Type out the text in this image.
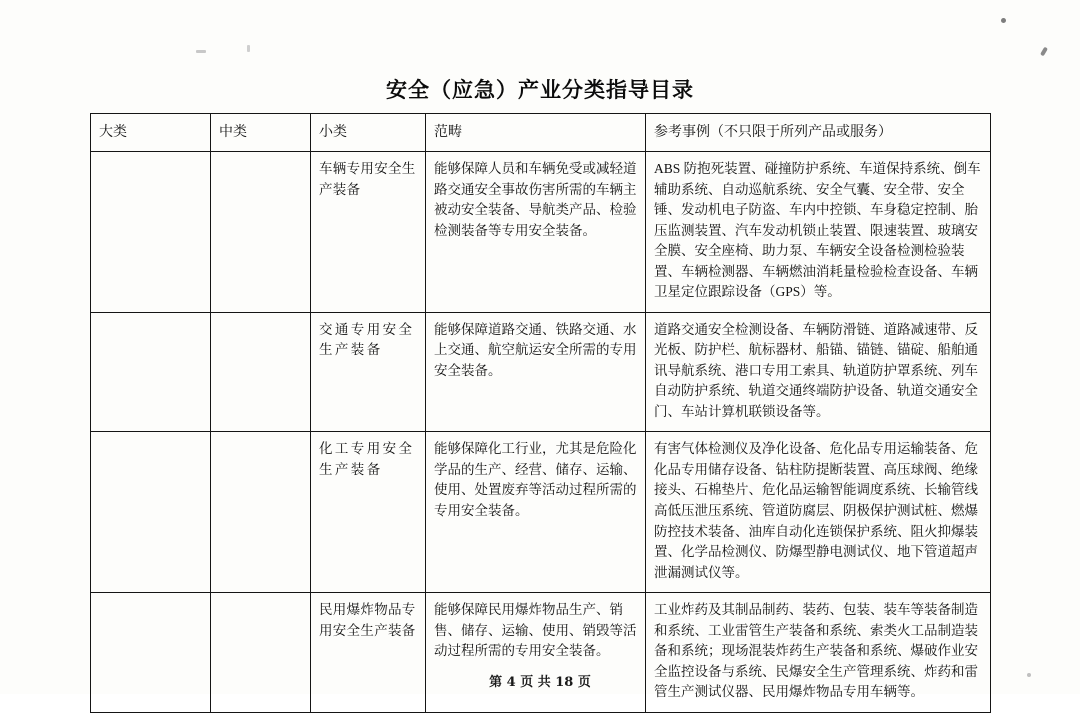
安全（应急）产业分类指导目录
大类	中类	小类	范畴	参考事例（不只限于所列产品或服务）
		车辆专用安全生产装备	能够保障人员和车辆免受或减轻道路交通安全事故伤害所需的车辆主被动安全装备、导航类产品、检验检测装备等专用安全装备。	ABS 防抱死装置、碰撞防护系统、车道保持系统、倒车辅助系统、自动巡航系统、安全气囊、安全带、安全锤、发动机电子防盗、车内中控锁、车身稳定控制、胎压监测装置、汽车发动机锁止装置、限速装置、玻璃安全膜、安全座椅、助力泵、车辆安全设备检测检验装置、车辆检测器、车辆燃油消耗量检验检查设备、车辆卫星定位跟踪设备（GPS）等。
		交通专用安全生产装备	能够保障道路交通、铁路交通、水上交通、航空航运安全所需的专用安全装备。	道路交通安全检测设备、车辆防滑链、道路减速带、反光板、防护栏、航标器材、船锚、锚链、锚碇、船舶通讯导航系统、港口专用工索具、轨道防护罩系统、列车自动防护系统、轨道交通终端防护设备、轨道交通安全门、车站计算机联锁设备等。
		化工专用安全生产装备	能够保障化工行业，尤其是危险化学品的生产、经营、储存、运输、使用、处置废弃等活动过程所需的专用安全装备。	有害气体检测仪及净化设备、危化品专用运输装备、危化品专用储存设备、钻柱防提断装置、高压球阀、绝缘接头、石棉垫片、危化品运输智能调度系统、长输管线高低压泄压系统、管道防腐层、阴极保护测试桩、燃爆防控技术装备、油库自动化连锁保护系统、阻火抑爆装置、化学品检测仪、防爆型静电测试仪、地下管道超声泄漏测试仪等。
		民用爆炸物品专用安全生产装备	能够保障民用爆炸物品生产、销售、储存、运输、使用、销毁等活动过程所需的专用安全装备。	工业炸药及其制品制药、装药、包装、装车等装备制造和系统、工业雷管生产装备和系统、索类火工品制造装备和系统；现场混装炸药生产装备和系统、爆破作业安全监控设备与系统、民爆安全生产管理系统、炸药和雷管生产测试仪器、民用爆炸物品专用车辆等。
第 4 页 共 18 页
